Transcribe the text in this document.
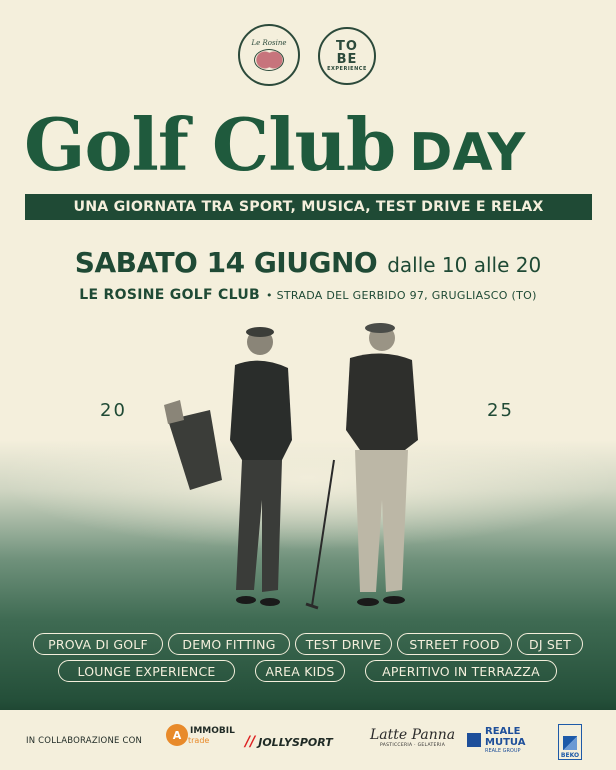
Le Rosine	TO
BE
EXPERIENCE
Golf Club DAY
UNA GIORNATA TRA SPORT, MUSICA, TEST DRIVE E RELAX
SABATO 14 GIUGNO dalle 10 alle 20
LE ROSINE GOLF CLUB • STRADA DEL GERBIDO 97, GRUGLIASCO (TO)
20	25
PROVA DI GOLF	DEMO FITTING	TEST DRIVE	STREET FOOD	DJ SET
LOUNGE EXPERIENCE	AREA KIDS	APERITIVO IN TERRAZZA
IN COLLABORAZIONE CON	A IMMOBIL
trade	// JOLLYSPORT	Latte Panna
PASTICCERIA · GELATERIA
REALE
MUTUA
REALE GROUP
BEKO
